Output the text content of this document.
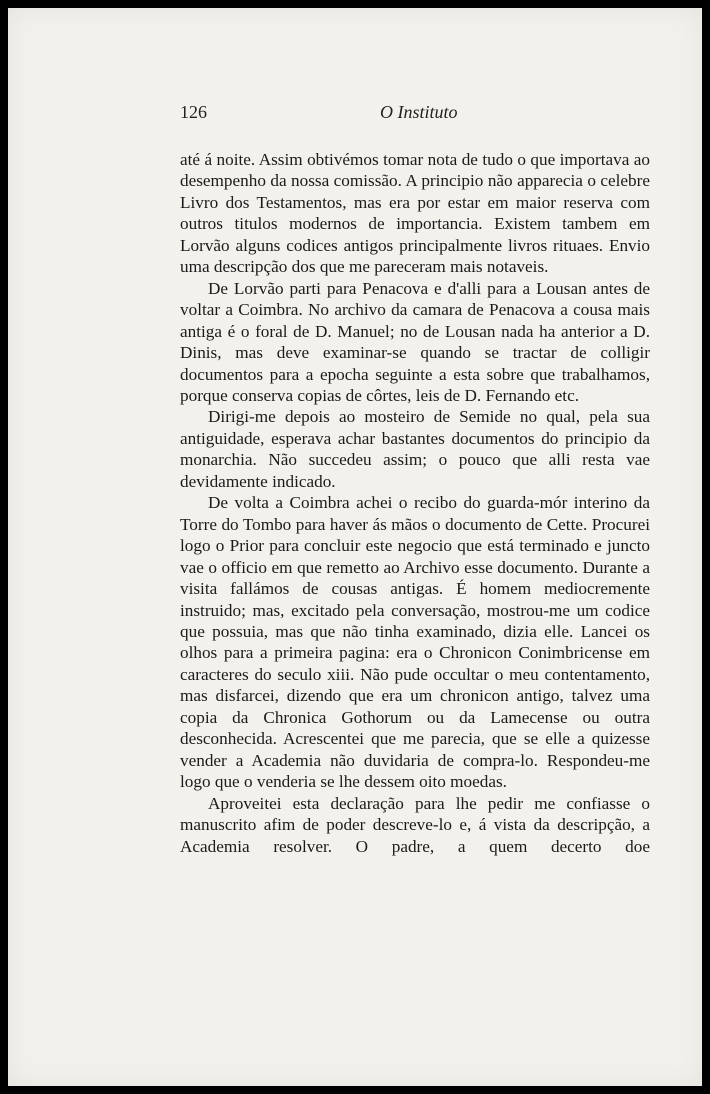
126	O Instituto

até á noite. Assim obtivémos tomar nota de tudo o que importava ao desempenho da nossa comissão. A principio não apparecia o celebre Livro dos Testamentos, mas era por estar em maior reserva com outros titulos modernos de importancia. Existem tambem em Lorvão alguns codices antigos principalmente livros rituaes. Envio uma descripção dos que me pareceram mais notaveis.

De Lorvão parti para Penacova e d'alli para a Lousan antes de voltar a Coimbra. No archivo da camara de Penacova a cousa mais antiga é o foral de D. Manuel; no de Lousan nada ha anterior a D. Dinis, mas deve examinar-se quando se tractar de colligir documentos para a epocha seguinte a esta sobre que trabalhamos, porque conserva copias de côrtes, leis de D. Fernando etc.

Dirigi-me depois ao mosteiro de Semide no qual, pela sua antiguidade, esperava achar bastantes documentos do principio da monarchia. Não succedeu assim; o pouco que alli resta vae devidamente indicado.

De volta a Coimbra achei o recibo do guarda-mór interino da Torre do Tombo para haver ás mãos o documento de Cette. Procurei logo o Prior para concluir este negocio que está terminado e juncto vae o officio em que remetto ao Archivo esse documento. Durante a visita fallámos de cousas antigas. É homem mediocremente instruido; mas, excitado pela conversação, mostrou-me um codice que possuia, mas que não tinha examinado, dizia elle. Lancei os olhos para a primeira pagina: era o Chronicon Conimbricense em caracteres do seculo xiii. Não pude occultar o meu contentamento, mas disfarcei, dizendo que era um chronicon antigo, talvez uma copia da Chronica Gothorum ou da Lamecense ou outra desconhecida. Acrescentei que me parecia, que se elle a quizesse vender a Academia não duvidaria de compra-lo. Respondeu-me logo que o venderia se lhe dessem oito moedas.

Aproveitei esta declaração para lhe pedir me confiasse o manuscrito afim de poder descreve-lo e, á vista da descripção, a Academia resolver. O padre, a quem decerto doe
